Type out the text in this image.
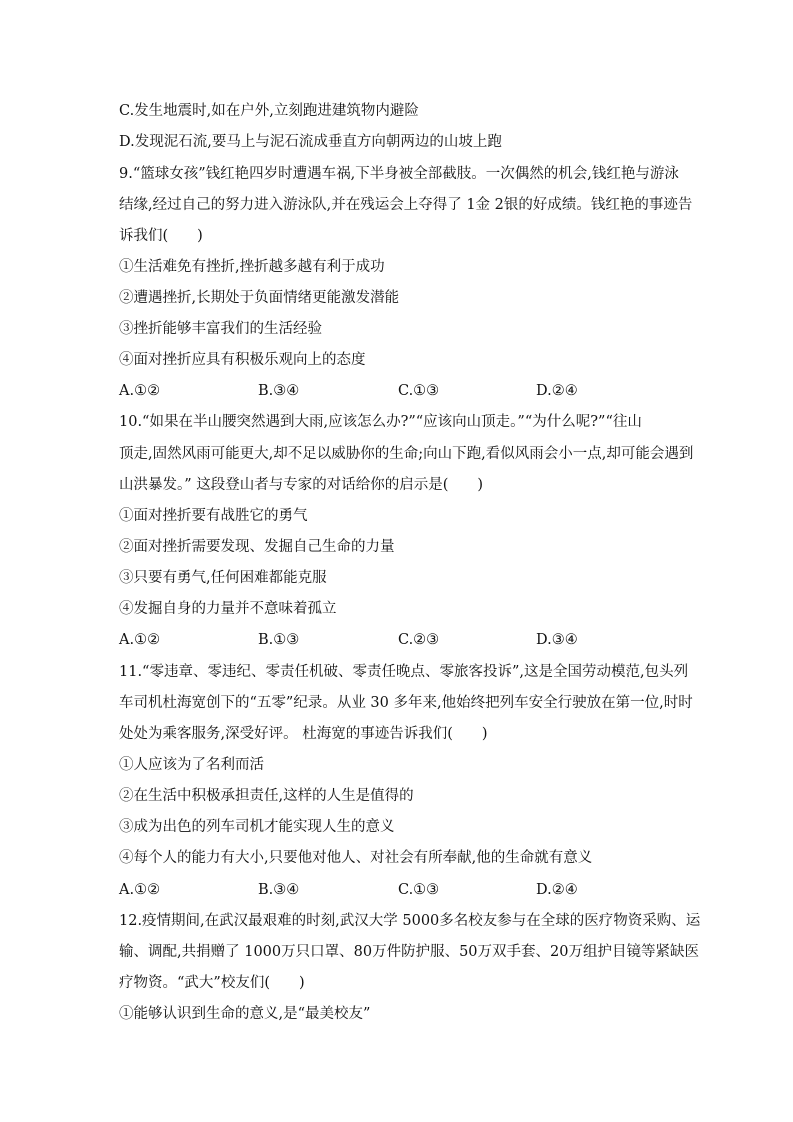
C.发生地震时,如在户外,立刻跑进建筑物内避险

D.发现泥石流,要马上与泥石流成垂直方向朝两边的山坡上跑

9.“篮球女孩”钱红艳四岁时遭遇车祸,下半身被全部截肢。一次偶然的机会,钱红艳与游泳

结缘,经过自己的努力进入游泳队,并在残运会上夺得了 1金 2银的好成绩。钱红艳的事迹告

诉我们(　　)

①生活难免有挫折,挫折越多越有利于成功

②遭遇挫折,长期处于负面情绪更能激发潜能

③挫折能够丰富我们的生活经验

④面对挫折应具有积极乐观向上的态度

A.①②	B.③④	C.①③	D.②④

10.“如果在半山腰突然遇到大雨,应该怎么办?”“应该向山顶走。”“为什么呢?”“往山

顶走,固然风雨可能更大,却不足以威胁你的生命;向山下跑,看似风雨会小一点,却可能会遇到

山洪暴发。” 这段登山者与专家的对话给你的启示是(　　)

①面对挫折要有战胜它的勇气

②面对挫折需要发现、发掘自己生命的力量

③只要有勇气,任何困难都能克服

④发掘自身的力量并不意味着孤立

A.①②	B.①③	C.②③	D.③④

11.“零违章、零违纪、零责任机破、零责任晚点、零旅客投诉”,这是全国劳动模范,包头列

车司机杜海宽创下的“五零”纪录。从业 30 多年来,他始终把列车安全行驶放在第一位,时时

处处为乘客服务,深受好评。 杜海宽的事迹告诉我们(　　)

①人应该为了名利而活

②在生活中积极承担责任,这样的人生是值得的

③成为出色的列车司机才能实现人生的意义

④每个人的能力有大小,只要他对他人、对社会有所奉献,他的生命就有意义

A.①②	B.③④	C.①③	D.②④

12.疫情期间,在武汉最艰难的时刻,武汉大学 5000多名校友参与在全球的医疗物资采购、运

输、调配,共捐赠了 1000万只口罩、80万件防护服、50万双手套、20万组护目镜等紧缺医

疗物资。“武大”校友们(　　)

①能够认识到生命的意义,是“最美校友”
